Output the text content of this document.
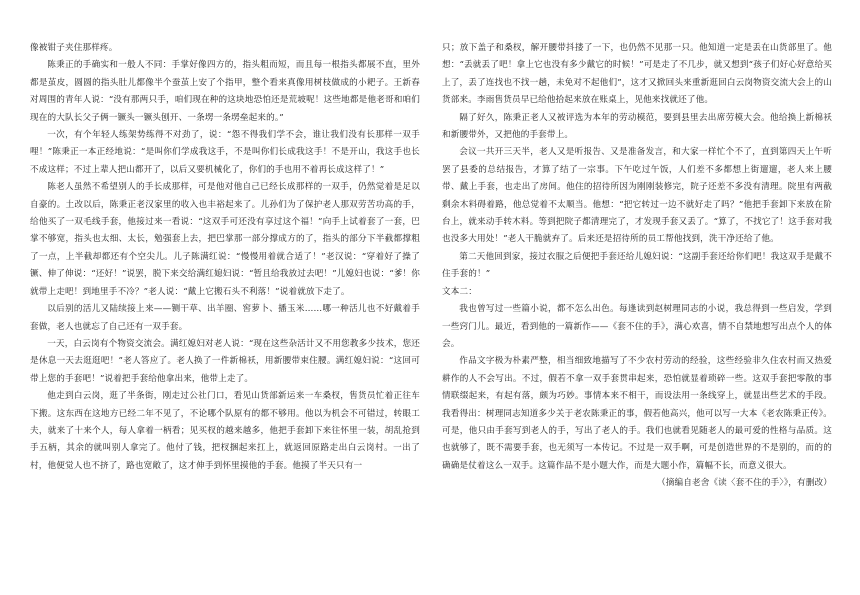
像被钳子夹住那样疼。

陈秉正的手确实和一般人不同：手掌好像四方的，指头粗而短，而且每一根指头都展不直，里外都是茧皮，圆圆的指头肚儿都像半个蚕茧上安了个指甲，整个看来真像用树枝做成的小耙子。王新春对周围的青年人说：“没有那两只手，咱们现在种的这块地恐怕还是荒坡呢！这些地都是他老哥和咱们现在的大队长父子俩一镢头一镢头刨开、一条塄一条塄垒起来的。”

一次，有个年轻人练架势练得不对劲了，说：“怨不得我们学不会，谁让我们没有长那样一双手哩！”陈秉正一本正经地说：“是叫你们学成我这手，不是叫你们长成我这手！不是开山，我这手也长不成这样；不过上辈人把山都开了，以后又要机械化了，你们的手也用不着再长成这样了！”

陈老人虽然不希望别人的手长成那样，可是他对他自己已经长成那样的一双手，仍然觉着是足以自豪的。土改以后，陈秉正老汉家里的收入也丰裕起来了。儿孙们为了保护老人那双劳苦功高的手，给他买了一双毛线手套，他接过来一看说：“这双手可还没有享过这个福！”向手上试着套了一套，巴掌不够宽，指头也太细、太长，勉强套上去，把巴掌那一部分撑成方的了，指头的部分下半截都撑粗了一点，上半截却都还有个空尖儿。儿子陈满红说：“慢慢用着就合适了！”老汉说：“穿着好了操了镢、伸了伸说：“还好！”说罢，脱下来交给满红媳妇说：“暂且给我放过去吧！”儿媳妇也说：“爹！你就带上走吧！到地里手不冷？”老人说：“戴上它搬石头不利落！”说着就放下走了。

以后别的活儿又陆续接上来——铡干草、出羊圈、窖萝卜、播玉米……哪一种活儿也不好戴着手套做，老人也就忘了自己还有一双手套。

一天，白云岗有个物资交流会。满红媳妇对老人说：“现在这些杂活计又不用您教多少技术，您还是休息一天去逛逛吧！”老人答应了。老人换了一件新棉袄，用新腰带束住腰。满红媳妇说：“这回可带上您的手套吧！”说着把手套给他拿出来，他带上走了。

他走到白云岗，逛了半条街，刚走过公社门口，看见山货部新运来一车桑杈，售货员忙着正往车下搬。这东西在这地方已经二年不见了，不论哪个队原有的都不够用。他以为机会不可错过，转眼工夫，就来了十来个人，每人拿着一柄看；见买杈的越来越多，他把手套卸下来往怀里一装，胡乱抢到手五柄，其余的就叫别人拿完了。他付了钱，把杈捆起来扛上，就返回原路走出白云岗村。一出了村，他便觉人也不挤了，路也宽敞了，这才伸手到怀里摸他的手套。他摸了半天只有一

只；放下盖子和桑杈，解开腰带抖搂了一下，也仍然不见那一只。他知道一定是丢在山货部里了。他想：“丢就丢了吧！拿上它也没有多少戴它的时候！”可是走了不几步，就又想到“孩子们好心好意给买上了，丢了连找也不找一趟，未免对不起他们”，这才又掀回头来重新逛回白云岗物资交流大会上的山货部来。李雨售货员早已给他拾起来放在账桌上，见他来找就还了他。

隔了好久，陈秉正老人又被评选为本年的劳动模范，要到县里去出席劳模大会。他给换上新棉袄和新腰带外，又把他的手套带上。

会议一共开三天半，老人又是听报告、又是准备发言，和大家一样忙个不了，直到第四天上午听罢了县委的总结报告，才算了结了一宗事。下午吃过午饭，人们差不多都想上街遛遛，老人来上腰带、戴上手套，也走出了房间。他住的招待所因为刚刚装修完，院子还差不多没有清理。院里有两截剩余木料碍着路，他总觉着不太顺当。他想：“把它转过一边不就好走了吗？”他把手套卸下来放在阶台上，就来动手转木料。等到把院子都清理完了，才发现手套又丢了。“算了，不找它了！这手套对我也没多大用处！”老人干脆就弃了。后来还是招待所的员工帮他找到，洗干净还给了他。

第二天他回到家，接过衣服之后便把手套还给儿媳妇说：“这副手套还给你们吧！我这双手是戴不住手套的！”

文本二：

我也曾写过一些篇小说，都不怎么出色。每逢读到赵树理同志的小说，我总得到一些启发，学到一些窍门儿。最近，看到他的一篇新作——《套不住的手》，满心欢喜，情不自禁地想写出点个人的体会。

作品文字极为朴素严整，相当细致地描写了不少农村劳动的经验，这些经验非久住农村而又热爱耕作的人不会写出。不过，假若不拿一双手套贯串起来，恐怕就显着琐碎一些。这双手套把零散的事情联缀起来，有起有落，颇为巧妙。事情本来不相干，而设法用一条线穿上，就显出些艺术的手段。我看得出：树理同志知道多少关于老农陈秉正的事，假若他高兴，他可以写一大本《老农陈秉正传》。可是，他只由手套写到老人的手，写出了老人的手。我们也就看见随老人的最可爱的性格与品质。这也就够了，既不需要手套，也无须写一本传记。不过是一双手啊，可是创造世界的不是别的，而的的确确是仗着这么一双手。这篇作品不是小题大作，而是大题小作，篇幅不长，而意义很大。

（摘编自老舍《读〈套不住的手〉》，有删改）
